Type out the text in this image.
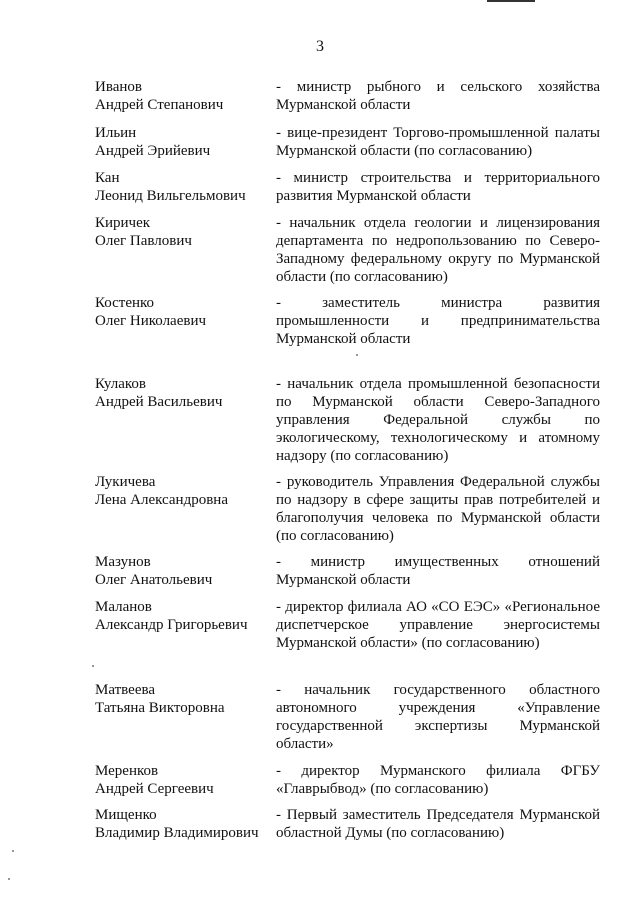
3
Иванов
Андрей Степанович
- министр рыбного и сельского хозяйства Мурманской области
Ильин
Андрей Эрийевич
- вице-президент Торгово-промышленной палаты Мурманской области (по согласованию)
Кан
Леонид Вильгельмович
- министр строительства и территориального развития Мурманской области
Киричек
Олег Павлович
- начальник отдела геологии и лицензирования департамента по недропользованию по Северо-Западному федеральному округу по Мурманской области (по согласованию)
Костенко
Олег Николаевич
- заместитель министра развития промышленности и предпринимательства Мурманской области
Кулаков
Андрей Васильевич
- начальник отдела промышленной безопасности по Мурманской области Северо-Западного управления Федеральной службы по экологическому, технологическому и атомному надзору (по согласованию)
Лукичева
Лена Александровна
- руководитель Управления Федеральной службы по надзору в сфере защиты прав потребителей и благополучия человека по Мурманской области (по согласованию)
Мазунов
Олег Анатольевич
- министр имущественных отношений Мурманской области
Маланов
Александр Григорьевич
- директор филиала АО «СО ЕЭС» «Региональное диспетчерское управление энергосистемы Мурманской области» (по согласованию)
Матвеева
Татьяна Викторовна
- начальник государственного областного автономного учреждения «Управление государственной экспертизы Мурманской области»
Меренков
Андрей Сергеевич
- директор Мурманского филиала ФГБУ «Главрыбвод» (по согласованию)
Мищенко
Владимир Владимирович
- Первый заместитель Председателя Мурманской областной Думы (по согласованию)
